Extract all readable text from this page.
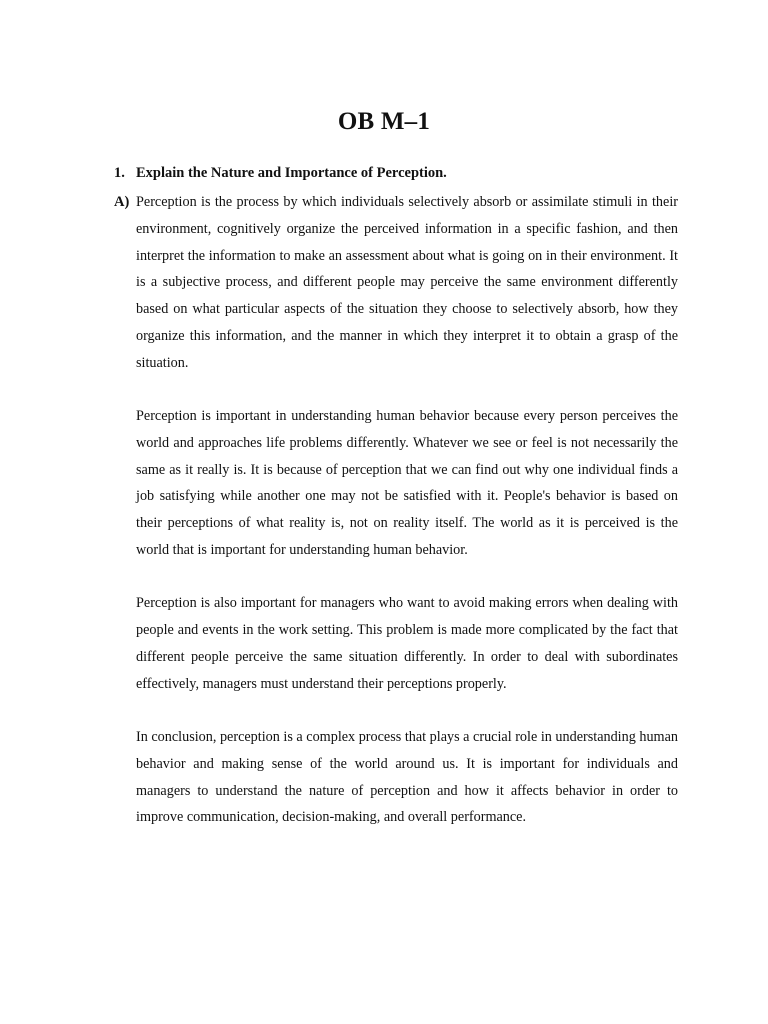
OB M–1
1. Explain the Nature and Importance of Perception.
A) Perception is the process by which individuals selectively absorb or assimilate stimuli in their environment, cognitively organize the perceived information in a specific fashion, and then interpret the information to make an assessment about what is going on in their environment. It is a subjective process, and different people may perceive the same environment differently based on what particular aspects of the situation they choose to selectively absorb, how they organize this information, and the manner in which they interpret it to obtain a grasp of the situation.

Perception is important in understanding human behavior because every person perceives the world and approaches life problems differently. Whatever we see or feel is not necessarily the same as it really is. It is because of perception that we can find out why one individual finds a job satisfying while another one may not be satisfied with it. People's behavior is based on their perceptions of what reality is, not on reality itself. The world as it is perceived is the world that is important for understanding human behavior.

Perception is also important for managers who want to avoid making errors when dealing with people and events in the work setting. This problem is made more complicated by the fact that different people perceive the same situation differently. In order to deal with subordinates effectively, managers must understand their perceptions properly.

In conclusion, perception is a complex process that plays a crucial role in understanding human behavior and making sense of the world around us. It is important for individuals and managers to understand the nature of perception and how it affects behavior in order to improve communication, decision-making, and overall performance.
